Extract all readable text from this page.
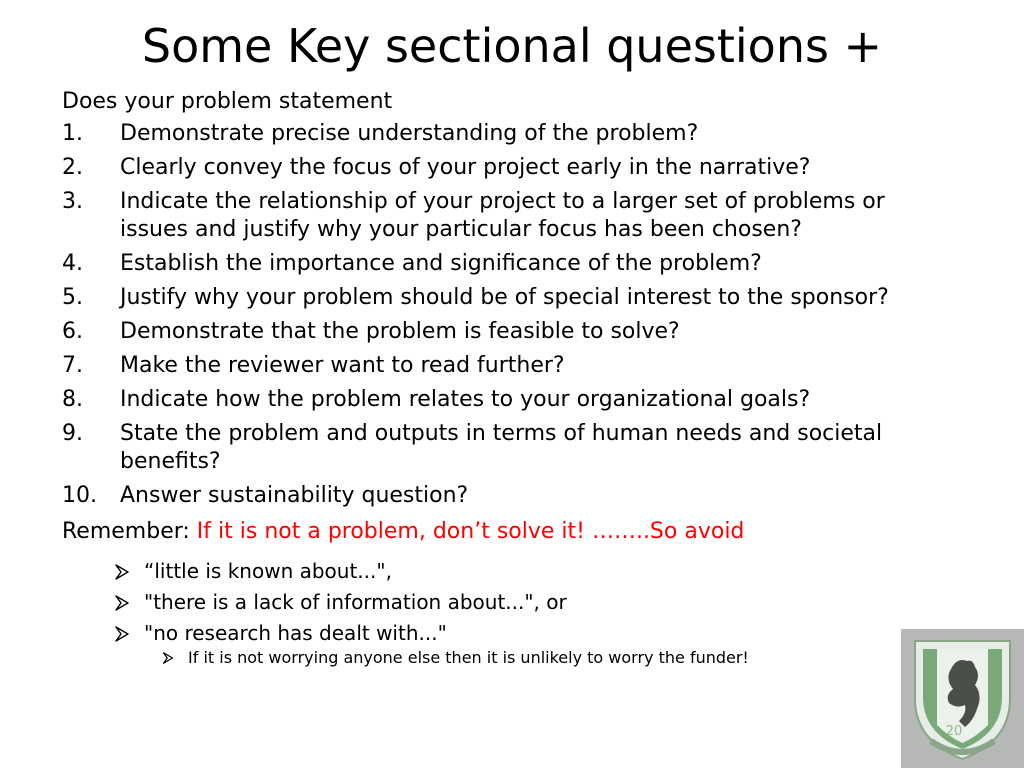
Some Key sectional questions +
Does your problem statement
1. Demonstrate precise understanding of the problem?
2. Clearly convey the focus of your project early in the narrative?
3. Indicate the relationship of your project to a larger set of problems or issues and justify why your particular focus has been chosen?
4. Establish the importance and significance of the problem?
5. Justify why your problem should be of special interest to the sponsor?
6. Demonstrate that the problem is feasible to solve?
7. Make the reviewer want to read further?
8. Indicate how the problem relates to your organizational goals?
9. State the problem and outputs in terms of human needs and societal benefits?
10. Answer sustainability question?
Remember: If it is not a problem, don’t solve it! ……..So avoid
“little is known about...",
"there is a lack of information about...", or
"no research has dealt with..."
If it is not worrying anyone else then it is unlikely to worry the funder!
20
